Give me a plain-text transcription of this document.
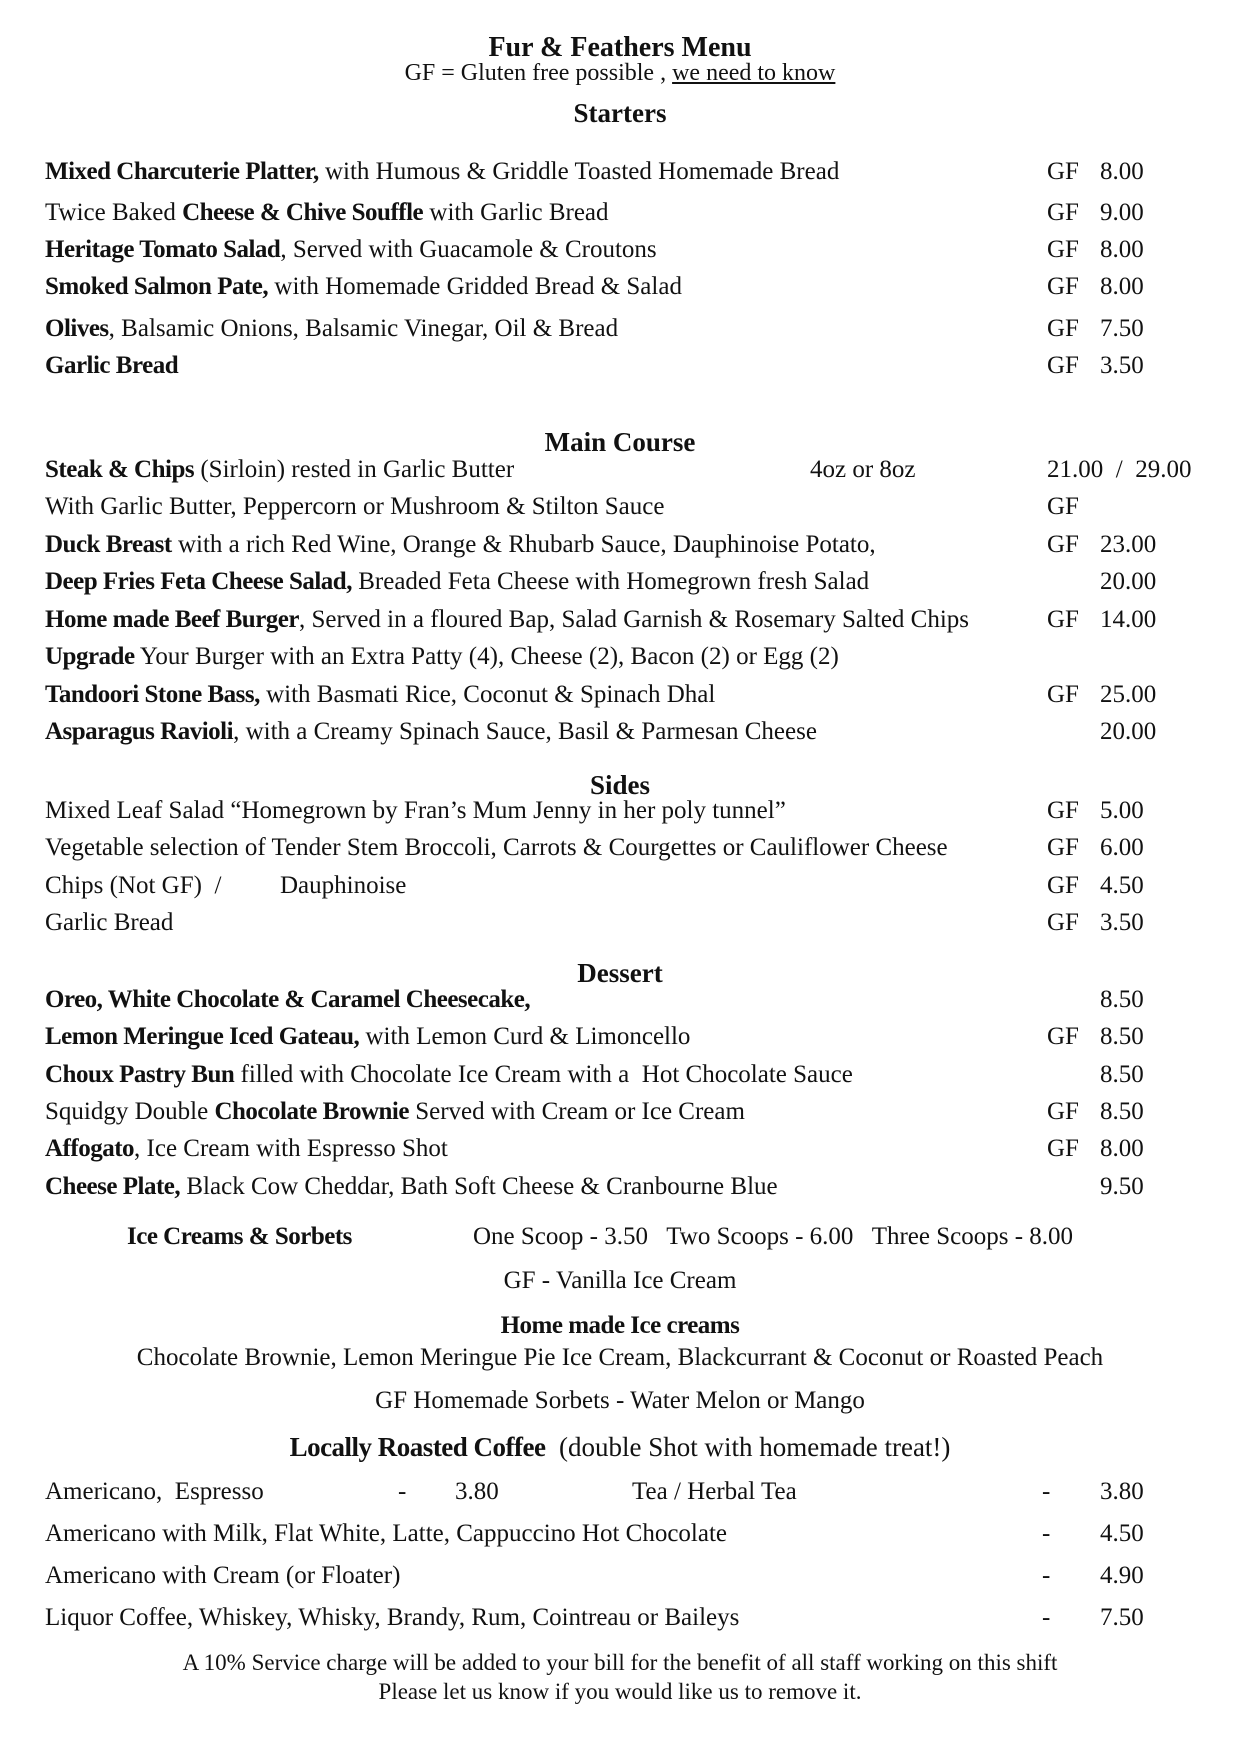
Fur & Feathers Menu
GF = Gluten free possible , we need to know
Starters
Mixed Charcuterie Platter, with Humous & Griddle Toasted Homemade Bread	GF 8.00
Twice Baked Cheese & Chive Souffle with Garlic Bread	GF 9.00
Heritage Tomato Salad, Served with Guacamole & Croutons	GF 8.00
Smoked Salmon Pate, with Homemade Gridded Bread & Salad	GF 8.00
Olives, Balsamic Onions, Balsamic Vinegar, Oil & Bread	GF 7.50
Garlic Bread	GF 3.50
Main Course
Steak & Chips (Sirloin) rested in Garlic Butter	4oz or 8oz	21.00  /  29.00
With Garlic Butter, Peppercorn or Mushroom & Stilton Sauce	GF
Duck Breast with a rich Red Wine, Orange & Rhubarb Sauce, Dauphinoise Potato,	GF 23.00
Deep Fries Feta Cheese Salad, Breaded Feta Cheese with Homegrown fresh Salad	20.00
Home made Beef Burger, Served in a floured Bap, Salad Garnish & Rosemary Salted Chips	GF 14.00
Upgrade Your Burger with an Extra Patty (4), Cheese (2), Bacon (2) or Egg (2)
Tandoori Stone Bass, with Basmati Rice, Coconut & Spinach Dhal	GF 25.00
Asparagus Ravioli, with a Creamy Spinach Sauce, Basil & Parmesan Cheese	20.00
Sides
Mixed Leaf Salad “Homegrown by Fran’s Mum Jenny in her poly tunnel”	GF 5.00
Vegetable selection of Tender Stem Broccoli, Carrots & Courgettes or Cauliflower Cheese	GF 6.00
Chips (Not GF)  / Dauphinoise	GF 4.50
Garlic Bread	GF 3.50
Dessert
Oreo, White Chocolate & Caramel Cheesecake,	8.50
Lemon Meringue Iced Gateau, with Lemon Curd & Limoncello	GF 8.50
Choux Pastry Bun filled with Chocolate Ice Cream with a  Hot Chocolate Sauce	8.50
Squidgy Double Chocolate Brownie Served with Cream or Ice Cream	GF 8.50
Affogato, Ice Cream with Espresso Shot	GF 8.00
Cheese Plate, Black Cow Cheddar, Bath Soft Cheese & Cranbourne Blue	9.50
Ice Creams & Sorbets	One Scoop - 3.50   Two Scoops - 6.00   Three Scoops - 8.00
GF - Vanilla Ice Cream
Home made Ice creams
Chocolate Brownie, Lemon Meringue Pie Ice Cream, Blackcurrant & Coconut or Roasted Peach
GF Homemade Sorbets - Water Melon or Mango
Locally Roasted Coffee  (double Shot with homemade treat!)
Americano,  Espresso	- 3.80	Tea / Herbal Tea	- 3.80
Americano with Milk, Flat White, Latte, Cappuccino Hot Chocolate	- 4.50
Americano with Cream (or Floater)	- 4.90
Liquor Coffee, Whiskey, Whisky, Brandy, Rum, Cointreau or Baileys	- 7.50
A 10% Service charge will be added to your bill for the benefit of all staff working on this shift
Please let us know if you would like us to remove it.
